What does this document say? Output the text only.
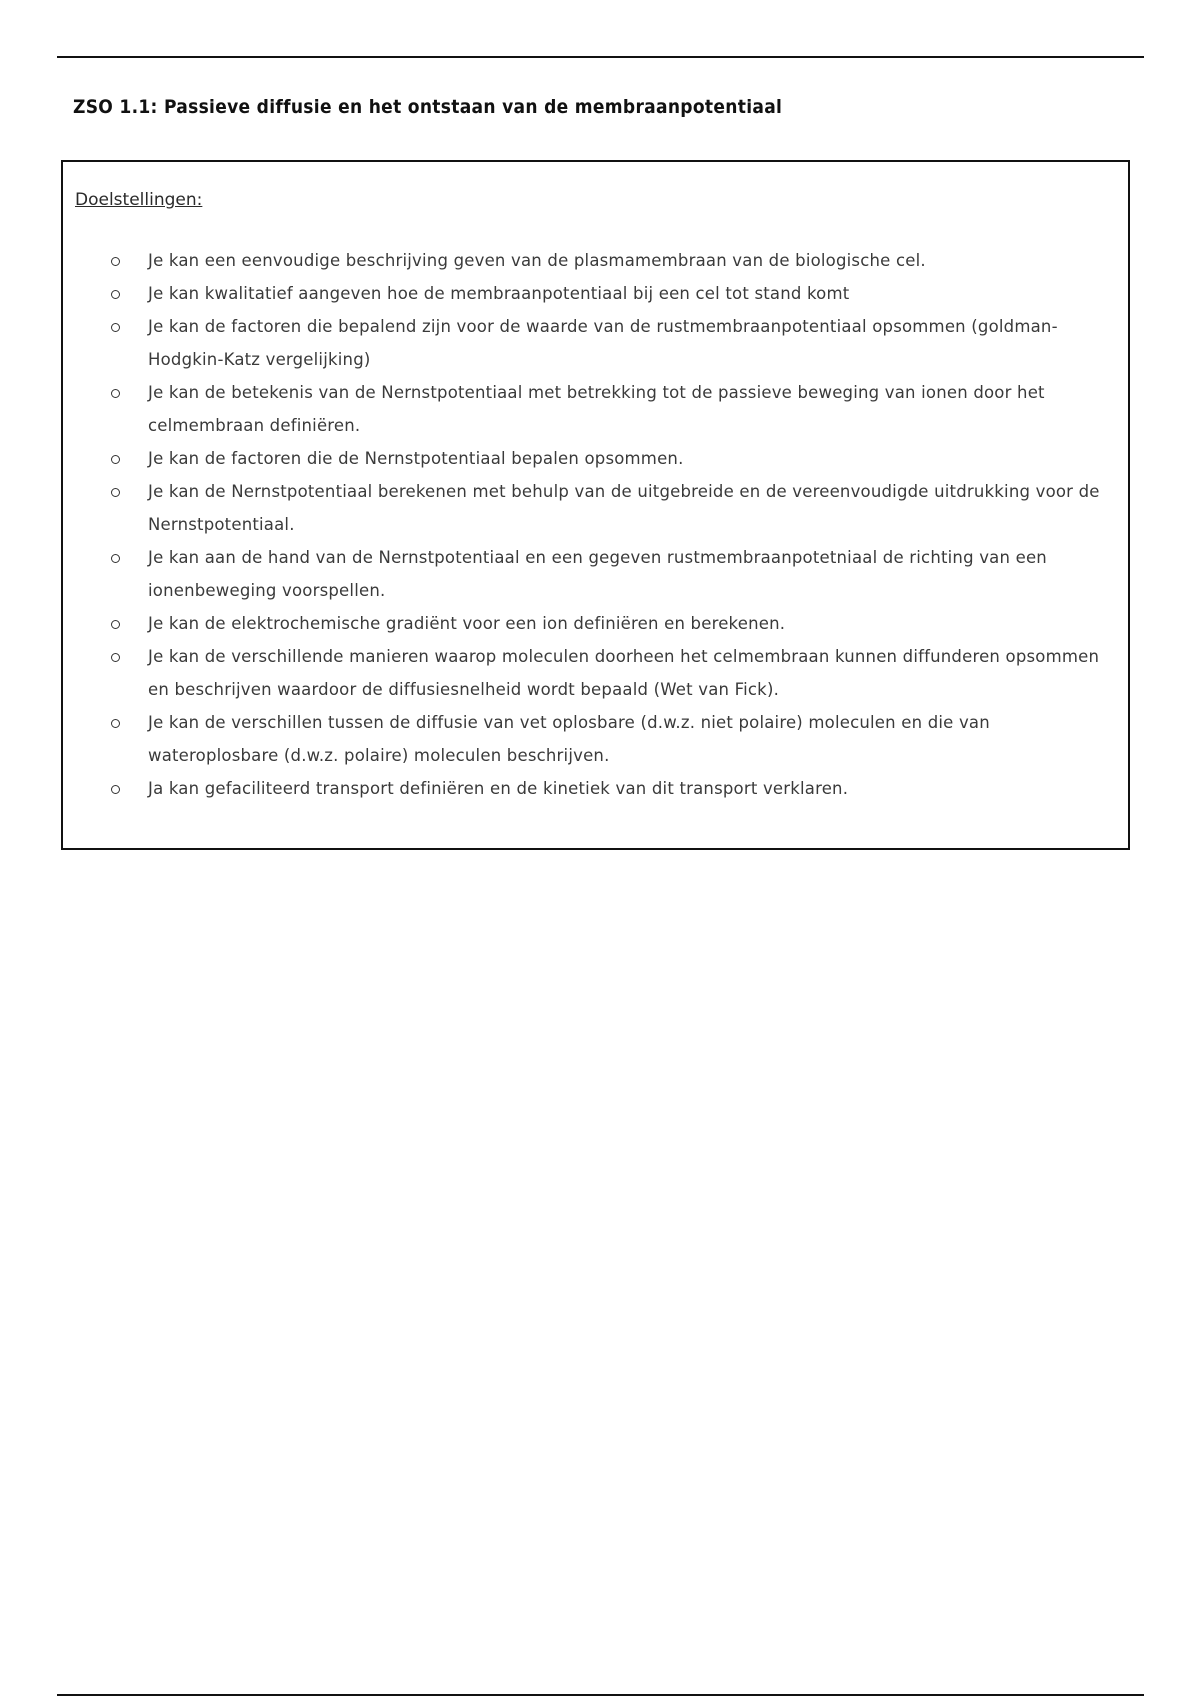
ZSO 1.1: Passieve diffusie en het ontstaan van de membraanpotentiaal
Doelstellingen:
Je kan een eenvoudige beschrijving geven van de plasmamembraan van de biologische cel.
Je kan kwalitatief aangeven hoe de membraanpotentiaal bij een cel tot stand komt
Je kan de factoren die bepalend zijn voor de waarde van de rustmembraanpotentiaal opsommen (goldman-Hodgkin-Katz vergelijking)
Je kan de betekenis van de Nernstpotentiaal met betrekking tot de passieve beweging van ionen door het celmembraan definiëren.
Je kan de factoren die de Nernstpotentiaal bepalen opsommen.
Je kan de Nernstpotentiaal berekenen met behulp van de uitgebreide en de vereenvoudigde uitdrukking voor de Nernstpotentiaal.
Je kan aan de hand van de Nernstpotentiaal en een gegeven rustmembraanpotetniaal de richting van een ionenbeweging voorspellen.
Je kan de elektrochemische gradiënt voor een ion definiëren en berekenen.
Je kan de verschillende manieren waarop moleculen doorheen het celmembraan kunnen diffunderen opsommen en beschrijven waardoor de diffusiesnelheid wordt bepaald (Wet van Fick).
Je kan de verschillen tussen de diffusie van vet oplosbare (d.w.z. niet polaire) moleculen en die van wateroplosbare (d.w.z. polaire) moleculen beschrijven.
Ja kan gefaciliteerd transport definiëren en de kinetiek van dit transport verklaren.
